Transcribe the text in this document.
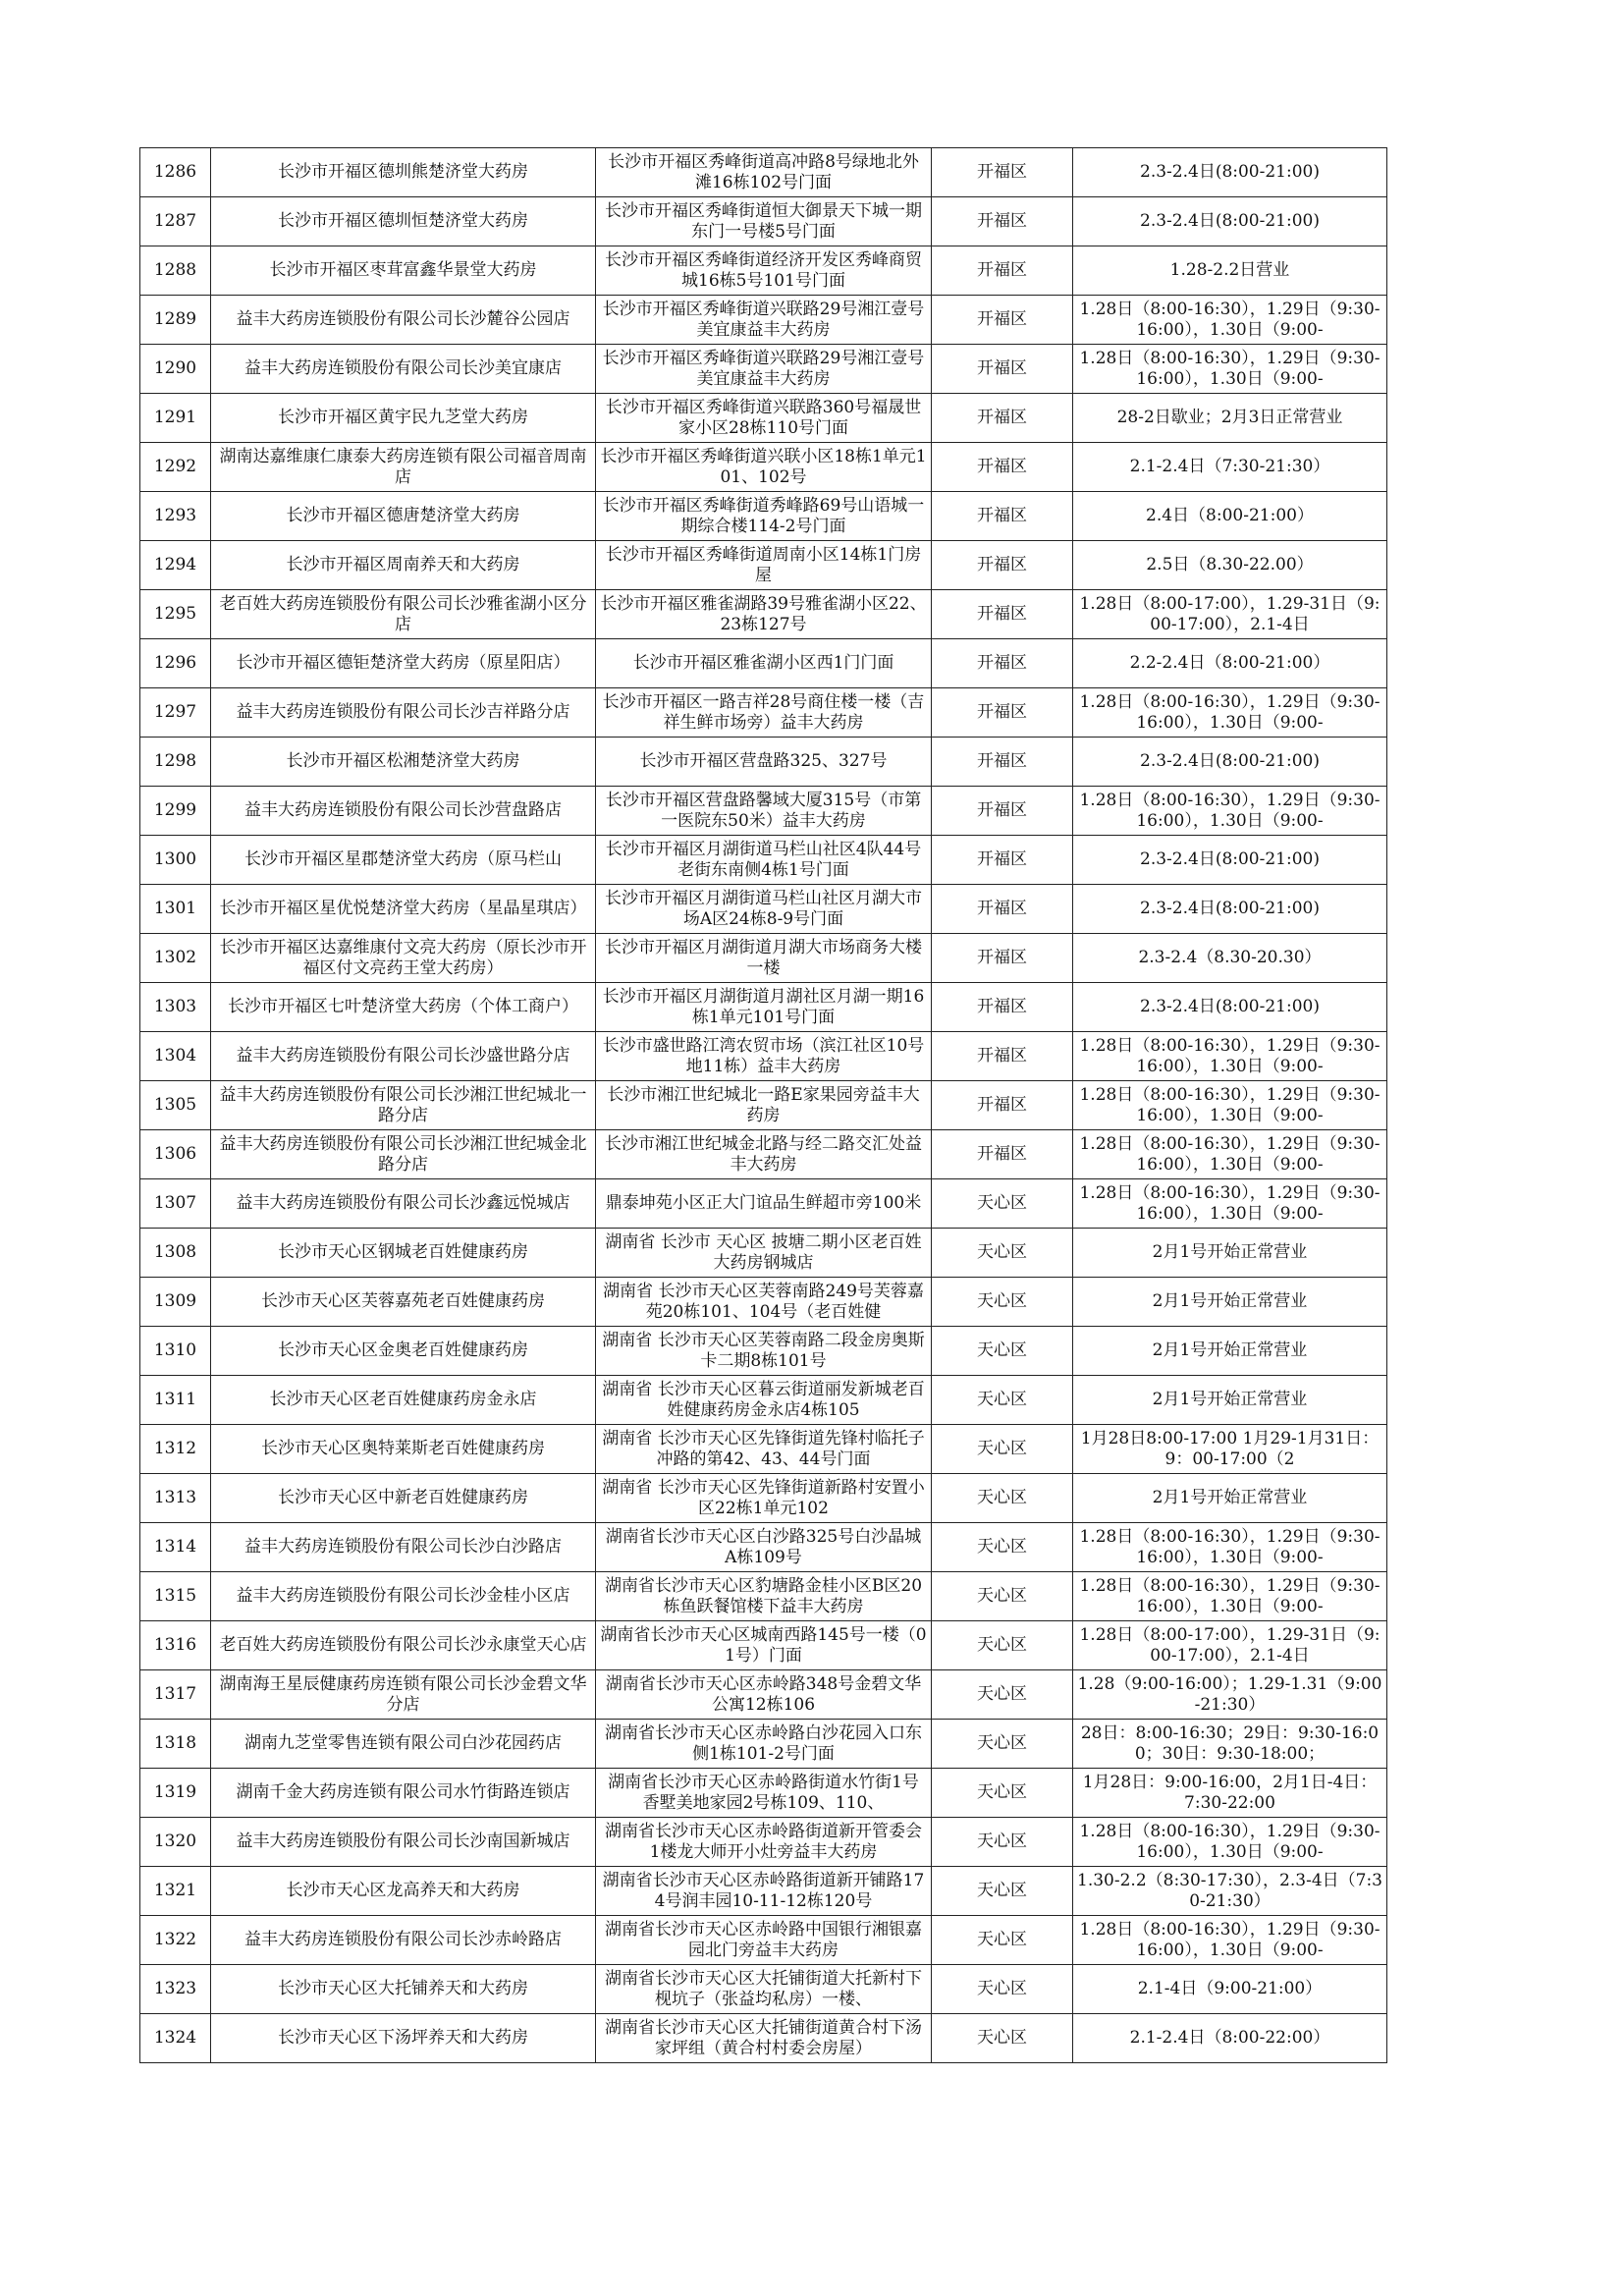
1286	长沙市开福区德圳熊楚济堂大药房	长沙市开福区秀峰街道高冲路8号绿地北外滩16栋102号门面	开福区	2.3-2.4日(8:00-21:00)

1287	长沙市开福区德圳恒楚济堂大药房	长沙市开福区秀峰街道恒大御景天下城一期东门一号楼5号门面	开福区	2.3-2.4日(8:00-21:00)

1288	长沙市开福区枣茸富鑫华景堂大药房	长沙市开福区秀峰街道经济开发区秀峰商贸城16栋5号101号门面	开福区	1.28-2.2日营业

1289	益丰大药房连锁股份有限公司长沙麓谷公园店	长沙市开福区秀峰街道兴联路29号湘江壹号美宜康益丰大药房	开福区	1.28日（8:00-16:30），1.29日（9:30-16:00），1.30日（9:00-

1290	益丰大药房连锁股份有限公司长沙美宜康店	长沙市开福区秀峰街道兴联路29号湘江壹号美宜康益丰大药房	开福区	1.28日（8:00-16:30），1.29日（9:30-16:00），1.30日（9:00-

1291	长沙市开福区黄宇民九芝堂大药房	长沙市开福区秀峰街道兴联路360号福晟世家小区28栋110号门面	开福区	28-2日歇业；2月3日正常营业

1292	湖南达嘉维康仁康泰大药房连锁有限公司福音周南店	长沙市开福区秀峰街道兴联小区18栋1单元101、102号	开福区	2.1-2.4日（7:30-21:30）

1293	长沙市开福区德唐楚济堂大药房	长沙市开福区秀峰街道秀峰路69号山语城一期综合楼114-2号门面	开福区	2.4日（8:00-21:00）

1294	长沙市开福区周南养天和大药房	长沙市开福区秀峰街道周南小区14栋1门房屋	开福区	2.5日（8.30-22.00）

1295	老百姓大药房连锁股份有限公司长沙雅雀湖小区分店	长沙市开福区雅雀湖路39号雅雀湖小区22、23栋127号	开福区	1.28日（8:00-17:00），1.29-31日（9:00-17:00），2.1-4日

1296	长沙市开福区德钜楚济堂大药房（原星阳店）	长沙市开福区雅雀湖小区西1门门面	开福区	2.2-2.4日（8:00-21:00）

1297	益丰大药房连锁股份有限公司长沙吉祥路分店	长沙市开福区一路吉祥28号商住楼一楼（吉祥生鲜市场旁）益丰大药房	开福区	1.28日（8:00-16:30），1.29日（9:30-16:00），1.30日（9:00-

1298	长沙市开福区松湘楚济堂大药房	长沙市开福区营盘路325、327号	开福区	2.3-2.4日(8:00-21:00)

1299	益丰大药房连锁股份有限公司长沙营盘路店	长沙市开福区营盘路馨域大厦315号（市第一医院东50米）益丰大药房	开福区	1.28日（8:00-16:30），1.29日（9:30-16:00），1.30日（9:00-

1300	长沙市开福区星郡楚济堂大药房（原马栏山	长沙市开福区月湖街道马栏山社区4队44号老街东南侧4栋1号门面	开福区	2.3-2.4日(8:00-21:00)

1301	长沙市开福区星优悦楚济堂大药房（星晶星琪店）	长沙市开福区月湖街道马栏山社区月湖大市场A区24栋8-9号门面	开福区	2.3-2.4日(8:00-21:00)

1302	长沙市开福区达嘉维康付文亮大药房（原长沙市开福区付文亮药王堂大药房）	长沙市开福区月湖街道月湖大市场商务大楼一楼	开福区	2.3-2.4（8.30-20.30）

1303	长沙市开福区七叶楚济堂大药房（个体工商户）	长沙市开福区月湖街道月湖社区月湖一期16栋1单元101号门面	开福区	2.3-2.4日(8:00-21:00)

1304	益丰大药房连锁股份有限公司长沙盛世路分店	长沙市盛世路江湾农贸市场（滨江社区10号地11栋）益丰大药房	开福区	1.28日（8:00-16:30），1.29日（9:30-16:00），1.30日（9:00-

1305	益丰大药房连锁股份有限公司长沙湘江世纪城北一路分店	长沙市湘江世纪城北一路E家果园旁益丰大药房	开福区	1.28日（8:00-16:30），1.29日（9:30-16:00），1.30日（9:00-

1306	益丰大药房连锁股份有限公司长沙湘江世纪城金北路分店	长沙市湘江世纪城金北路与经二路交汇处益丰大药房	开福区	1.28日（8:00-16:30），1.29日（9:30-16:00），1.30日（9:00-

1307	益丰大药房连锁股份有限公司长沙鑫远悦城店	鼎泰坤苑小区正大门谊品生鲜超市旁100米	天心区	1.28日（8:00-16:30），1.29日（9:30-16:00），1.30日（9:00-

1308	长沙市天心区钢城老百姓健康药房	湖南省 长沙市 天心区 披塘二期小区老百姓大药房钢城店	天心区	2月1号开始正常营业

1309	长沙市天心区芙蓉嘉苑老百姓健康药房	湖南省 长沙市天心区芙蓉南路249号芙蓉嘉苑20栋101、104号（老百姓健	天心区	2月1号开始正常营业

1310	长沙市天心区金奥老百姓健康药房	湖南省 长沙市天心区芙蓉南路二段金房奥斯卡二期8栋101号	天心区	2月1号开始正常营业

1311	长沙市天心区老百姓健康药房金永店	湖南省 长沙市天心区暮云街道丽发新城老百姓健康药房金永店4栋105	天心区	2月1号开始正常营业

1312	长沙市天心区奥特莱斯老百姓健康药房	湖南省 长沙市天心区先锋街道先锋村临托子冲路的第42、43、44号门面	天心区	1月28日8:00-17:00 1月29-1月31日：9：00-17:00（2

1313	长沙市天心区中新老百姓健康药房	湖南省 长沙市天心区先锋街道新路村安置小区22栋1单元102	天心区	2月1号开始正常营业

1314	益丰大药房连锁股份有限公司长沙白沙路店	湖南省长沙市天心区白沙路325号白沙晶城A栋109号	天心区	1.28日（8:00-16:30），1.29日（9:30-16:00），1.30日（9:00-

1315	益丰大药房连锁股份有限公司长沙金桂小区店	湖南省长沙市天心区豹塘路金桂小区B区20栋鱼跃餐馆楼下益丰大药房	天心区	1.28日（8:00-16:30），1.29日（9:30-16:00），1.30日（9:00-

1316	老百姓大药房连锁股份有限公司长沙永康堂天心店	湖南省长沙市天心区城南西路145号一楼（01号）门面	天心区	1.28日（8:00-17:00），1.29-31日（9:00-17:00），2.1-4日

1317	湖南海王星辰健康药房连锁有限公司长沙金碧文华分店	湖南省长沙市天心区赤岭路348号金碧文华公寓12栋106	天心区	1.28（9:00-16:00）；1.29-1.31（9:00-21:30）

1318	湖南九芝堂零售连锁有限公司白沙花园药店	湖南省长沙市天心区赤岭路白沙花园入口东侧1栋101-2号门面	天心区	28日：8:00-16:30；29日：9:30-16:00；30日：9:30-18:00；

1319	湖南千金大药房连锁有限公司水竹街路连锁店	湖南省长沙市天心区赤岭路街道水竹街1号香墅美地家园2号栋109、110、	天心区	1月28日：9:00-16:00，2月1日-4日：7:30-22:00

1320	益丰大药房连锁股份有限公司长沙南国新城店	湖南省长沙市天心区赤岭路街道新开管委会1楼龙大师开小灶旁益丰大药房	天心区	1.28日（8:00-16:30），1.29日（9:30-16:00），1.30日（9:00-

1321	长沙市天心区龙高养天和大药房	湖南省长沙市天心区赤岭路街道新开铺路174号润丰园10-11-12栋120号	天心区	1.30-2.2（8:30-17:30），2.3-4日（7:30-21:30）

1322	益丰大药房连锁股份有限公司长沙赤岭路店	湖南省长沙市天心区赤岭路中国银行湘银嘉园北门旁益丰大药房	天心区	1.28日（8:00-16:30），1.29日（9:30-16:00），1.30日（9:00-

1323	长沙市天心区大托铺养天和大药房	湖南省长沙市天心区大托铺街道大托新村下枧坑子（张益均私房）一楼、	天心区	2.1-4日（9:00-21:00）

1324	长沙市天心区下汤坪养天和大药房	湖南省长沙市天心区大托铺街道黄合村下汤家坪组（黄合村村委会房屋）	天心区	2.1-2.4日（8:00-22:00）
